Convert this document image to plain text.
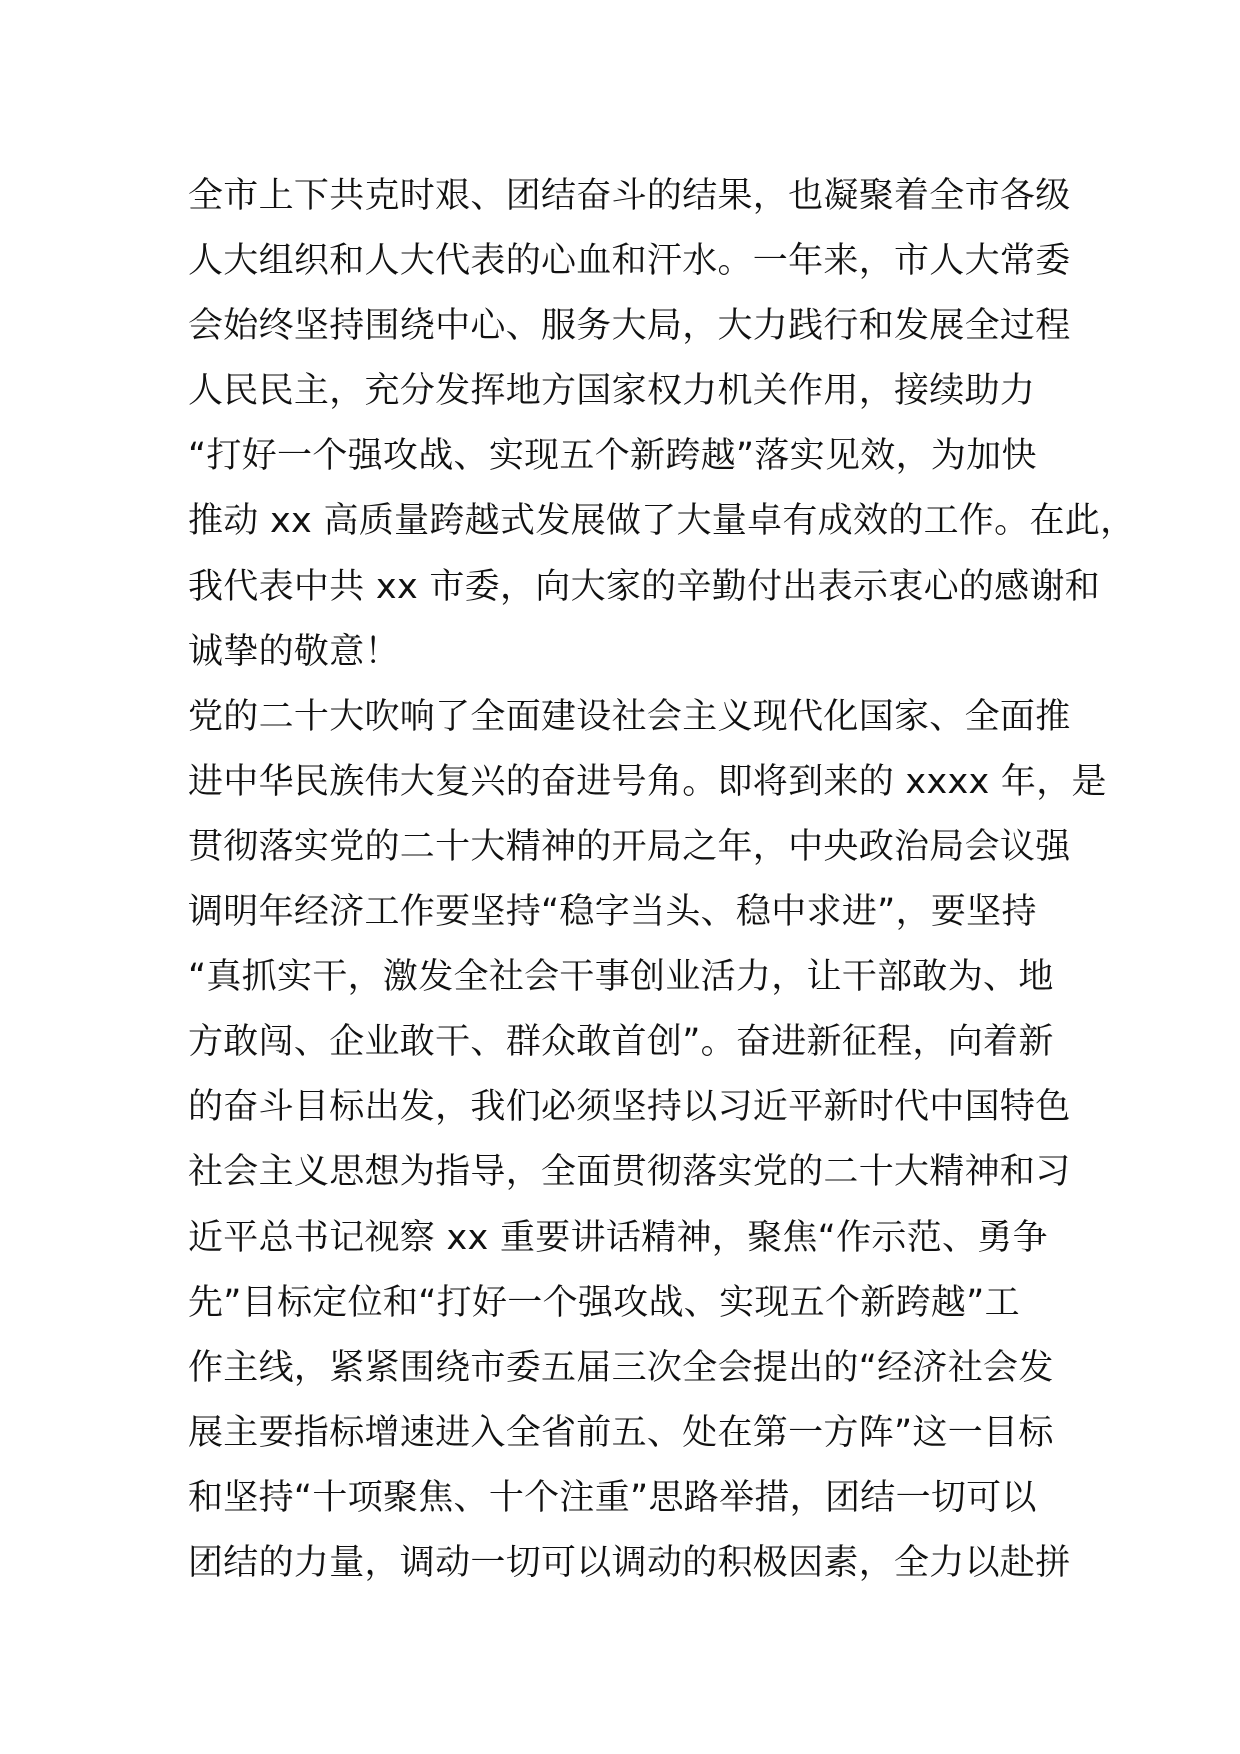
全市上下共克时艰、团结奋斗的结果，也凝聚着全市各级
人大组织和人大代表的心血和汗水。一年来，市人大常委
会始终坚持围绕中心、服务大局，大力践行和发展全过程
人民民主，充分发挥地方国家权力机关作用，接续助力
“打好一个强攻战、实现五个新跨越”落实见效，为加快
推动 xx 高质量跨越式发展做了大量卓有成效的工作。在此，
我代表中共 xx 市委，向大家的辛勤付出表示衷心的感谢和
诚挚的敬意！
党的二十大吹响了全面建设社会主义现代化国家、全面推
进中华民族伟大复兴的奋进号角。即将到来的 xxxx 年，是
贯彻落实党的二十大精神的开局之年，中央政治局会议强
调明年经济工作要坚持“稳字当头、稳中求进”，要坚持
“真抓实干，激发全社会干事创业活力，让干部敢为、地
方敢闯、企业敢干、群众敢首创”。奋进新征程，向着新
的奋斗目标出发，我们必须坚持以习近平新时代中国特色
社会主义思想为指导，全面贯彻落实党的二十大精神和习
近平总书记视察 xx 重要讲话精神，聚焦“作示范、勇争
先”目标定位和“打好一个强攻战、实现五个新跨越”工
作主线，紧紧围绕市委五届三次全会提出的“经济社会发
展主要指标增速进入全省前五、处在第一方阵”这一目标
和坚持“十项聚焦、十个注重”思路举措，团结一切可以
团结的力量，调动一切可以调动的积极因素，全力以赴拼
